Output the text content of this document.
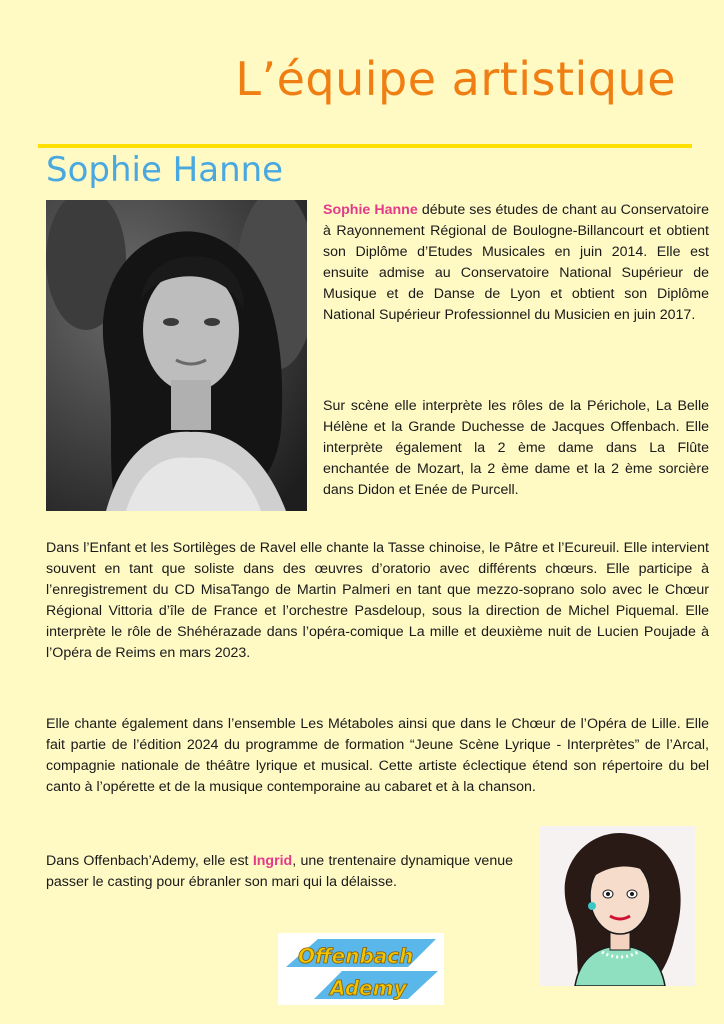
L’équipe artistique
Sophie Hanne
Sophie Hanne débute ses études de chant au Conservatoire à Rayonnement Régional de Boulogne-Billancourt et obtient son Diplôme d’Etudes Musicales en juin 2014. Elle est ensuite admise au Conservatoire National Supérieur de Musique et de Danse de Lyon et obtient son Diplôme National Supérieur Professionnel du Musicien en juin 2017.
Sur scène elle interprète les rôles de la Périchole, La Belle Hélène et la Grande Duchesse de Jacques Offenbach. Elle interprète également la 2 ème dame dans La Flûte enchantée de Mozart, la 2 ème dame et la 2 ème sorcière dans Didon et Enée de Purcell.
Dans l’Enfant et les Sortilèges de Ravel elle chante la Tasse chinoise, le Pâtre et l’Ecureuil. Elle intervient souvent en tant que soliste dans des œuvres d’oratorio avec différents chœurs. Elle participe à l’enregistrement du CD MisaTango de Martin Palmeri en tant que mezzo-soprano solo avec le Chœur Régional Vittoria d’île de France et l’orchestre Pasdeloup, sous la direction de Michel Piquemal. Elle interprète le rôle de Shéhérazade dans l’opéra-comique La mille et deuxième nuit de Lucien Poujade à l’Opéra de Reims en mars 2023.
Elle chante également dans l’ensemble Les Métaboles ainsi que dans le Chœur de l’Opéra de Lille. Elle fait partie de l’édition 2024 du programme de formation “Jeune Scène Lyrique - Interprètes” de l’Arcal, compagnie nationale de théâtre lyrique et musical. Cette artiste éclectique étend son répertoire du bel canto à l’opérette et de la musique contemporaine au cabaret et à la chanson.
Dans Offenbach’Ademy, elle est Ingrid, une trentenaire dynamique venue passer le casting pour ébranler son mari qui la délaisse.
Offenbach
Ademy
